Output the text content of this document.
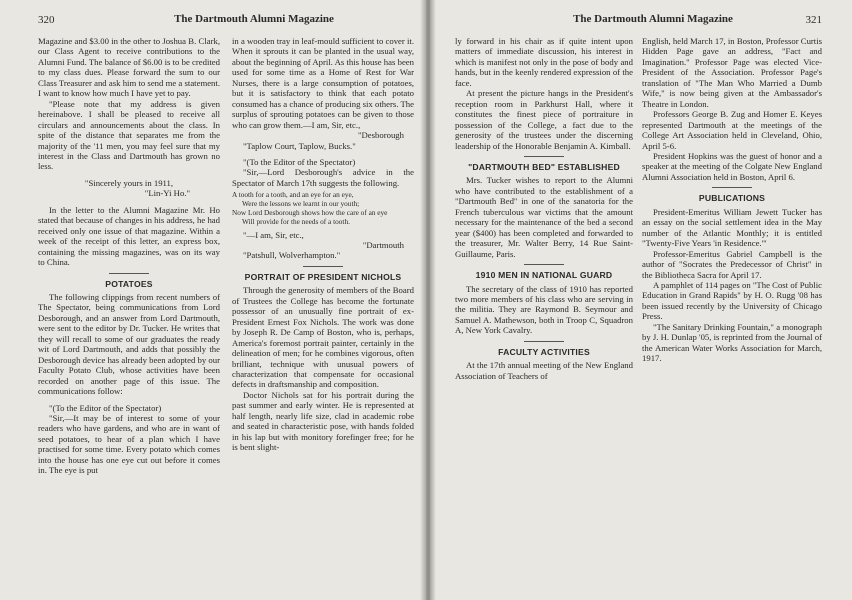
320	The Dartmouth Alumni Magazine

Magazine and $3.00 in the other to Joshua B. Clark, our Class Agent to receive contributions to the Alumni Fund. The balance of $6.00 is to be credited to my class dues. Please forward the sum to our Class Treasurer and ask him to send me a statement. I want to know how much I have yet to pay.

"Please note that my address is given hereinabove. I shall be pleased to receive all circulars and announcements about the class. In spite of the distance that separates me from the majority of the '11 men, you may feel sure that my interest in the Class and Dartmouth has grown no less.

"Sincerely yours in 1911,

"Lin-Yi Ho."

In the letter to the Alumni Magazine Mr. Ho stated that because of changes in his address, he had received only one issue of that magazine. Within a week of the receipt of this letter, an express box, containing the missing magazines, was on its way to China.

POTATOES

The following clippings from recent numbers of The Spectator, being communications from Lord Desborough, and an answer from Lord Dartmouth, were sent to the editor by Dr. Tucker. He writes that they will recall to some of our graduates the ready wit of Lord Dartmouth, and adds that possibly the Desborough device has already been adopted by our Faculty Potato Club, whose activities have been recorded on another page of this issue. The communications follow:

"(To the Editor of the Spectator)

"Sir,—It may be of interest to some of your readers who have gardens, and who are in want of seed potatoes, to hear of a plan which I have practised for some time. Every potato which comes into the house has one eye cut out before it comes in. The eye is put

in a wooden tray in leaf-mould sufficient to cover it. When it sprouts it can be planted in the usual way, about the beginning of April. As this house has been used for some time as a Home of Rest for War Nurses, there is a large consumption of potatoes, but it is satisfactory to think that each potato consumed has a chance of producing six others. The surplus of sprouting potatoes can be given to those who can grow them.—I am, Sir, etc.,

"Desborough

"Taplow Court, Taplow, Bucks."

"(To the Editor of the Spectator)

"Sir,—Lord Desborough's advice in the Spectator of March 17th suggests the following.

A tooth for a tooth, and an eye for an eye,
Were the lessons we learnt in our youth;
Now Lord Desborough shows how the care of an eye
Will provide for the needs of a tooth.

"—I am, Sir, etc.,

"Dartmouth

"Patshull, Wolverhampton."

PORTRAIT OF PRESIDENT NICHOLS

Through the generosity of members of the Board of Trustees the College has become the fortunate possessor of an unusually fine portrait of ex-President Ernest Fox Nichols. The work was done by Joseph R. De Camp of Boston, who is, perhaps, America's foremost portrait painter, certainly in the delineation of men; for he combines vigorous, often brilliant, technique with unusual powers of characterization that compensate for occasional defects in draftsmanship and composition.

Doctor Nichols sat for his portrait during the past summer and early winter. He is represented at half length, nearly life size, clad in academic robe and seated in characteristic pose, with hands folded in his lap but with monitory forefinger free; for he is bent slight-

The Dartmouth Alumni Magazine	321

ly forward in his chair as if quite intent upon matters of immediate discussion, his interest in which is manifest not only in the pose of body and hands, but in the keenly rendered expression of the face.

At present the picture hangs in the President's reception room in Parkhurst Hall, where it constitutes the finest piece of portraiture in possession of the College, a fact due to the generosity of the trustees under the discerning leadership of the Honorable Benjamin A. Kimball.

"DARTMOUTH BED" ESTABLISHED

Mrs. Tucker wishes to report to the Alumni who have contributed to the establishment of a "Dartmouth Bed" in one of the sanatoria for the French tuberculous war victims that the amount necessary for the maintenance of the bed a second year ($400) has been completed and forwarded to the treasurer, Mr. Walter Berry, 14 Rue Saint-Guillaume, Paris.

1910 MEN IN NATIONAL GUARD

The secretary of the class of 1910 has reported two more members of his class who are serving in the militia. They are Raymond B. Seymour and Samuel A. Mathewson, both in Troop C, Squadron A, New York Cavalry.

FACULTY ACTIVITIES

At the 17th annual meeting of the New England Association of Teachers of

English, held March 17, in Boston, Professor Curtis Hidden Page gave an address, "Fact and Imagination." Professor Page was elected Vice-President of the Association. Professor Page's translation of "The Man Who Married a Dumb Wife," is now being given at the Ambassador's Theatre in London.

Professors George B. Zug and Homer E. Keyes represented Dartmouth at the meetings of the College Art Association held in Cleveland, Ohio, April 5-6.

President Hopkins was the guest of honor and a speaker at the meeting of the Colgate New England Alumni Association held in Boston, April 6.

PUBLICATIONS

President-Emeritus William Jewett Tucker has an essay on the social settlement idea in the May number of the Atlantic Monthly; it is entitled "Twenty-Five Years 'in Residence.'"

Professor-Emeritus Gabriel Campbell is the author of "Socrates the Predecessor of Christ" in the Bibliotheca Sacra for April 17.

A pamphlet of 114 pages on "The Cost of Public Education in Grand Rapids" by H. O. Rugg '08 has been issued recently by the University of Chicago Press.

"The Sanitary Drinking Fountain," a monograph by J. H. Dunlap '05, is reprinted from the Journal of the American Water Works Association for March, 1917.
